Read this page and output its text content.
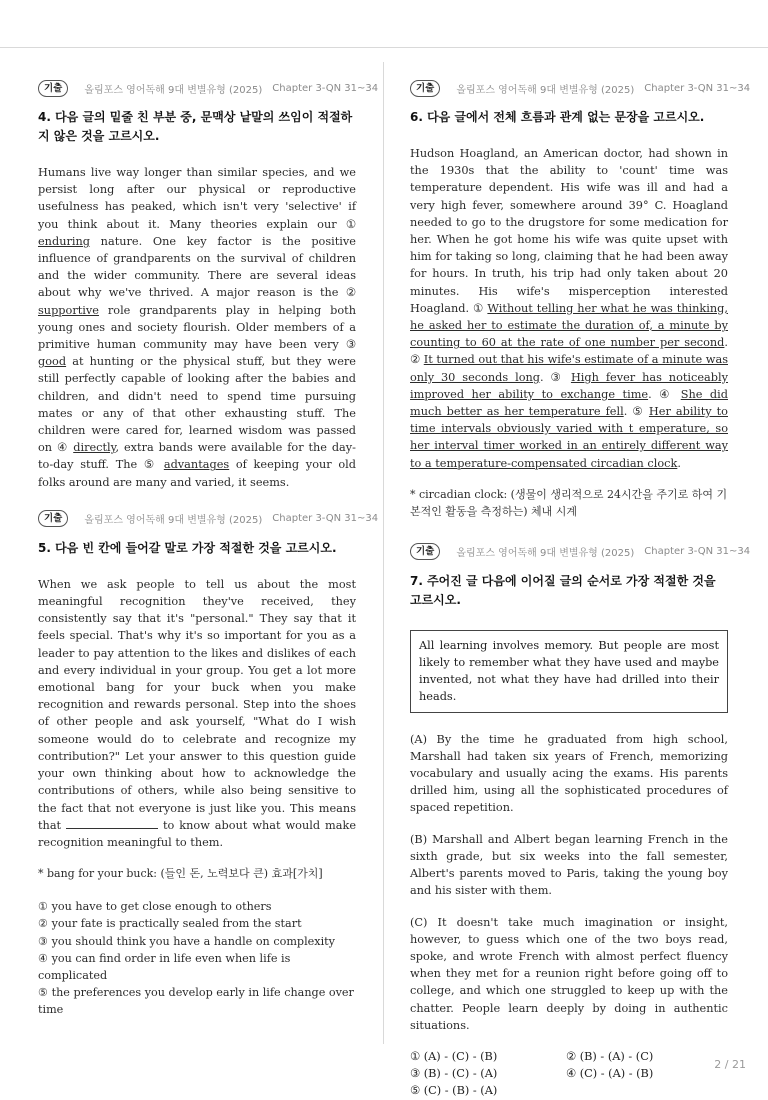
기출	올림포스 영어독해 9대 변별유형 (2025) Chapter 3-QN 31~34
4. 다음 글의 밑줄 친 부분 중, 문맥상 낱말의 쓰임이 적절하지 않은 것을 고르시오.

Humans live way longer than similar species, and we persist long after our physical or reproductive usefulness has peaked, which isn't very 'selective' if you think about it. Many theories explain our ① enduring nature. One key factor is the positive influence of grandparents on the survival of children and the wider community. There are several ideas about why we've thrived. A major reason is the ② supportive role grandparents play in helping both young ones and society flourish. Older members of a primitive human community may have been very ③ good at hunting or the physical stuff, but they were still perfectly capable of looking after the babies and children, and didn't need to spend time pursuing mates or any of that other exhausting stuff. The children were cared for, learned wisdom was passed on ④ directly, extra bands were available for the day-to-day stuff. The ⑤ advantages of keeping your old folks around are many and varied, it seems.

기출	올림포스 영어독해 9대 변별유형 (2025) Chapter 3-QN 31~34
5. 다음 빈 칸에 들어갈 말로 가장 적절한 것을 고르시오.

When we ask people to tell us about the most meaningful recognition they've received, they consistently say that it's "personal." They say that it feels special. That's why it's so important for you as a leader to pay attention to the likes and dislikes of each and every individual in your group. You get a lot more emotional bang for your buck when you make recognition and rewards personal. Step into the shoes of other people and ask yourself, "What do I wish someone would do to celebrate and recognize my contribution?" Let your answer to this question guide your own thinking about how to acknowledge the contributions of others, while also being sensitive to the fact that not everyone is just like you. This means that	to know about what would make recognition meaningful to them.

* bang for your buck: (들인 돈, 노력보다 큰) 효과[가치]
① you have to get close enough to others
② your fate is practically sealed from the start
③ you should think you have a handle on complexity
④ you can find order in life even when life is complicated
⑤ the preferences you develop early in life change over time
기출	올림포스 영어독해 9대 변별유형 (2025) Chapter 3-QN 31~34
6. 다음 글에서 전체 흐름과 관계 없는 문장을 고르시오.

Hudson Hoagland, an American doctor, had shown in the 1930s that the ability to 'count' time was temperature dependent. His wife was ill and had a very high fever, somewhere around 39° C. Hoagland needed to go to the drugstore for some medication for her. When he got home his wife was quite upset with him for taking so long, claiming that he had been away for hours. In truth, his trip had only taken about 20 minutes. His wife's misperception interested Hoagland. ① Without telling her what he was thinking, he asked her to estimate the duration of, a minute by counting to 60 at the rate of one number per second. ② It turned out that his wife's estimate of a minute was only 30 seconds long. ③ High fever has noticeably improved her ability to exchange time. ④ She did much better as her temperature fell. ⑤ Her ability to time intervals obviously varied with t emperature, so her interval timer worked in an entirely different way to a temperature-compensated circadian clock.

* circadian clock: (생물이 생리적으로 24시간을 주기로 하여 기본적인 활동을 측정하는) 체내 시계
기출	올림포스 영어독해 9대 변별유형 (2025) Chapter 3-QN 31~34
7. 주어진 글 다음에 이어질 글의 순서로 가장 적절한 것을 고르시오.
All learning involves memory. But people are most likely to remember what they have used and maybe invented, not what they have had drilled into their heads.

(A) By the time he graduated from high school, Marshall had taken six years of French, memorizing vocabulary and usually acing the exams. His parents drilled him, using all the sophisticated procedures of spaced repetition.

(B) Marshall and Albert began learning French in the sixth grade, but six weeks into the fall semester, Albert's parents moved to Paris, taking the young boy and his sister with them.

(C) It doesn't take much imagination or insight, however, to guess which one of the two boys read, spoke, and wrote French with almost perfect fluency when they met for a reunion right before going off to college, and which one struggled to keep up with the chatter. People learn deeply by doing in authentic situations.

① (A) - (C) - (B)	② (B) - (A) - (C)
③ (B) - (C) - (A)	④ (C) - (A) - (B)
⑤ (C) - (B) - (A)
2 / 21
